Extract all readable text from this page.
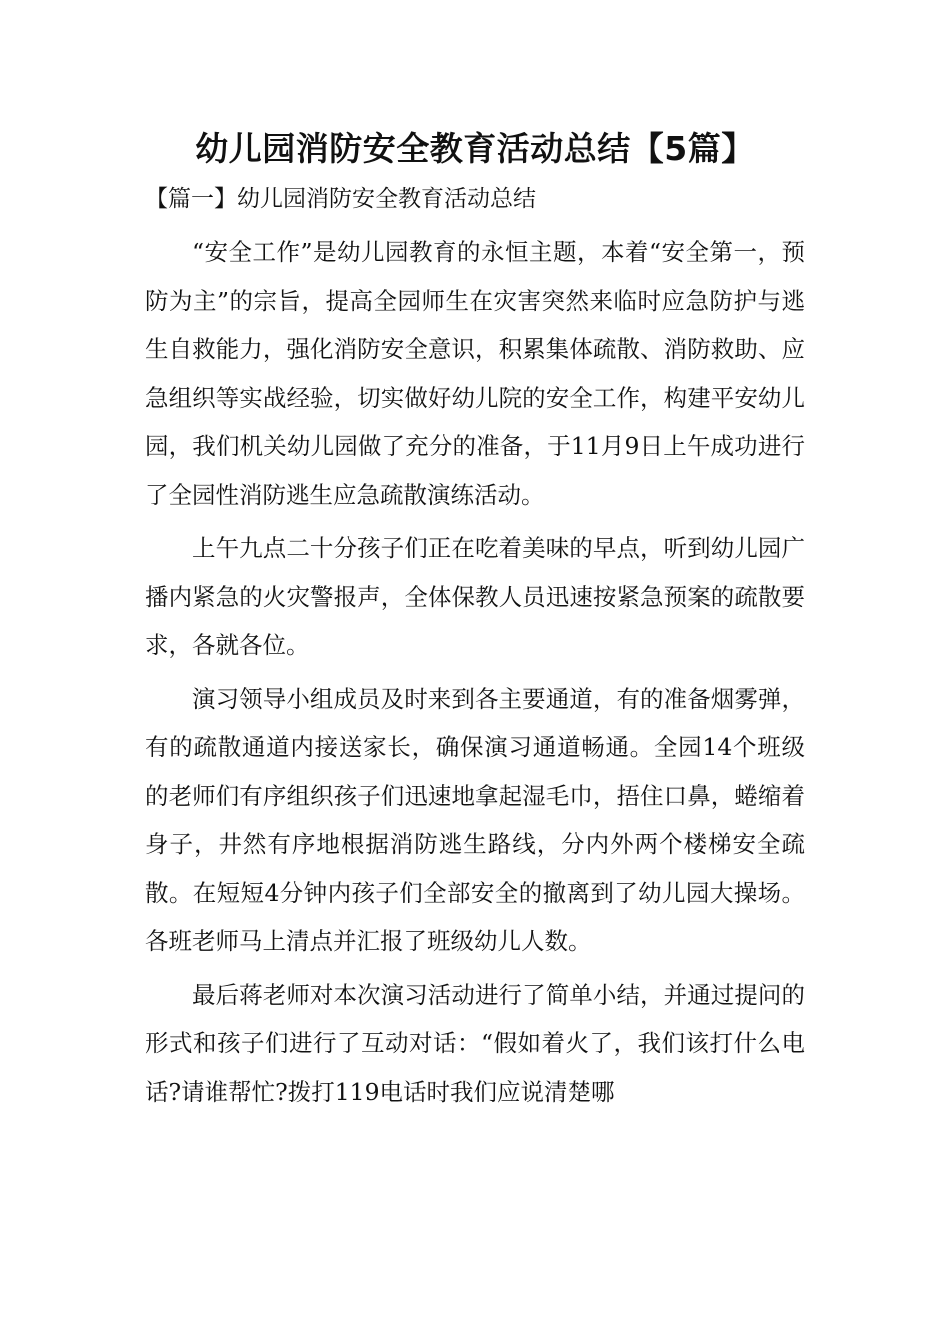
幼儿园消防安全教育活动总结【5篇】
【篇一】幼儿园消防安全教育活动总结

“安全工作”是幼儿园教育的永恒主题，本着“安全第一，预防为主”的宗旨，提高全园师生在灾害突然来临时应急防护与逃生自救能力，强化消防安全意识，积累集体疏散、消防救助、应急组织等实战经验，切实做好幼儿院的安全工作，构建平安幼儿园，我们机关幼儿园做了充分的准备，于11月9日上午成功进行了全园性消防逃生应急疏散演练活动。

上午九点二十分孩子们正在吃着美味的早点，听到幼儿园广播内紧急的火灾警报声，全体保教人员迅速按紧急预案的疏散要求，各就各位。

演习领导小组成员及时来到各主要通道，有的准备烟雾弹，有的疏散通道内接送家长，确保演习通道畅通。全园14个班级的老师们有序组织孩子们迅速地拿起湿毛巾，捂住口鼻，蜷缩着身子，井然有序地根据消防逃生路线，分内外两个楼梯安全疏散。在短短4分钟内孩子们全部安全的撤离到了幼儿园大操场。各班老师马上清点并汇报了班级幼儿人数。

最后蒋老师对本次演习活动进行了简单小结，并通过提问的形式和孩子们进行了互动对话：“假如着火了，我们该打什么电话?请谁帮忙?拨打119电话时我们应说清楚哪
